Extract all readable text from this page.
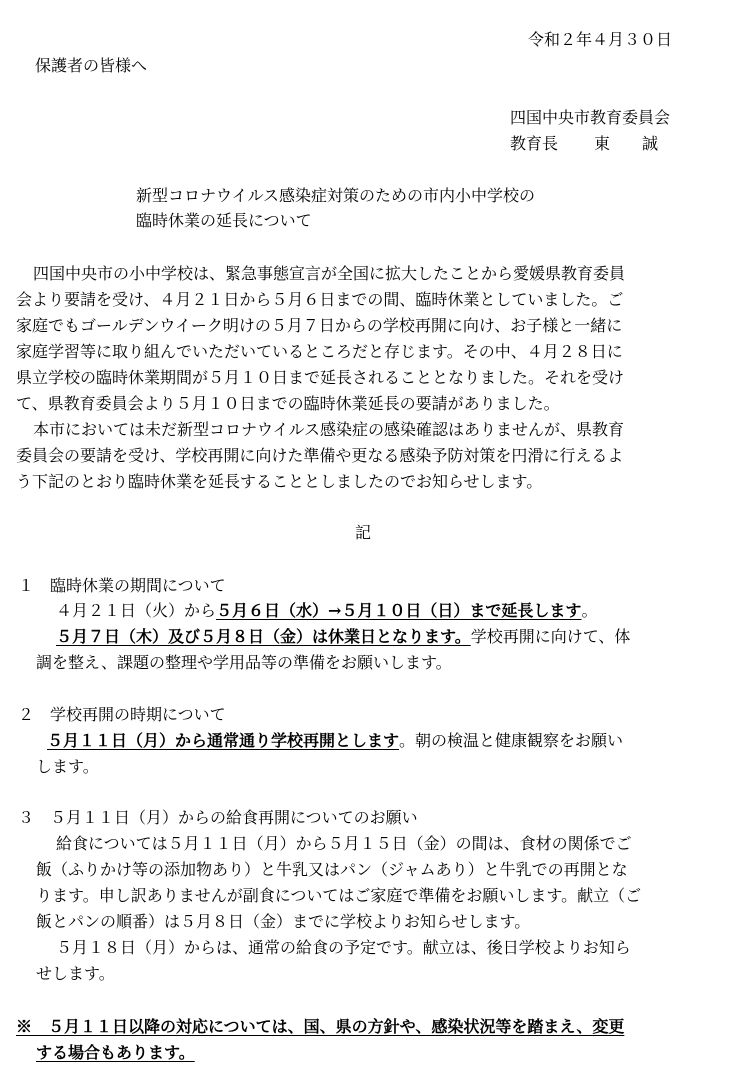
令和２年４月３０日
保護者の皆様へ
四国中央市教育委員会
教育長 東　　誠
新型コロナウイルス感染症対策のための市内小中学校の
臨時休業の延長について
四国中央市の小中学校は、緊急事態宣言が全国に拡大したことから愛媛県教育委員
会より要請を受け、４月２１日から５月６日までの間、臨時休業としていました。ご
家庭でもゴールデンウイーク明けの５月７日からの学校再開に向け、お子様と一緒に
家庭学習等に取り組んでいただいているところだと存じます。その中、４月２８日に
県立学校の臨時休業期間が５月１０日まで延長されることとなりました。それを受け
て、県教育委員会より５月１０日までの臨時休業延長の要請がありました。
本市においては未だ新型コロナウイルス感染症の感染確認はありませんが、県教育
委員会の要請を受け、学校再開に向けた準備や更なる感染予防対策を円滑に行えるよ
う下記のとおり臨時休業を延長することとしましたのでお知らせします。
記
１　臨時休業の期間について
４月２１日（火）から５月６日（水）→５月１０日（日）まで延長します。
５月７日（木）及び５月８日（金）は休業日となります。学校再開に向けて、体
調を整え、課題の整理や学用品等の準備をお願いします。
２　学校再開の時期について
５月１１日（月）から通常通り学校再開とします。朝の検温と健康観察をお願い
します。
３　５月１１日（月）からの給食再開についてのお願い
給食については５月１１日（月）から５月１５日（金）の間は、食材の関係でご
飯（ふりかけ等の添加物あり）と牛乳又はパン（ジャムあり）と牛乳での再開とな
ります。申し訳ありませんが副食についてはご家庭で準備をお願いします。献立（ご
飯とパンの順番）は５月８日（金）までに学校よりお知らせします。
５月１８日（月）からは、通常の給食の予定です。献立は、後日学校よりお知ら
せします。
※　５月１１日以降の対応については、国、県の方針や、感染状況等を踏まえ、変更
する場合もあります。
